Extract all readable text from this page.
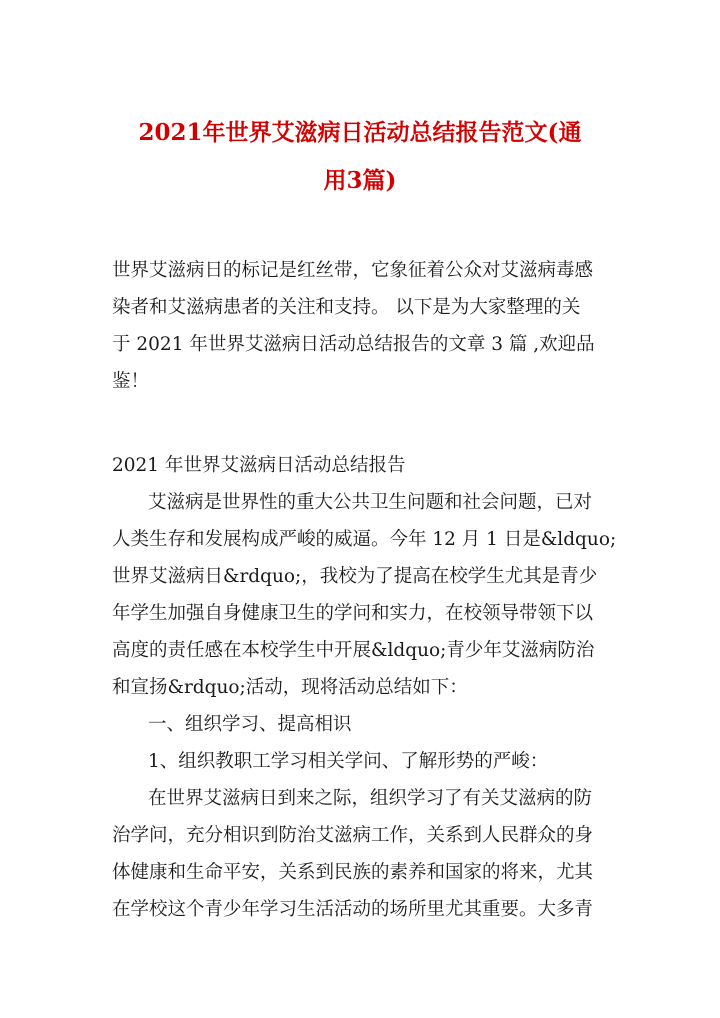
2021年世界艾滋病日活动总结报告范文(通
用3篇)
世界艾滋病日的标记是红丝带，它象征着公众对艾滋病毒感
染者和艾滋病患者的关注和支持。 以下是为大家整理的关
于 2021 年世界艾滋病日活动总结报告的文章 3 篇 ,欢迎品
鉴！
2021 年世界艾滋病日活动总结报告
艾滋病是世界性的重大公共卫生问题和社会问题，已对
人类生存和发展构成严峻的威逼。今年 12 月 1 日是&ldquo;
世界艾滋病日&rdquo;，我校为了提高在校学生尤其是青少
年学生加强自身健康卫生的学问和实力，在校领导带领下以
高度的责任感在本校学生中开展&ldquo;青少年艾滋病防治
和宣扬&rdquo;活动，现将活动总结如下：
一、组织学习、提高相识
1、组织教职工学习相关学问、了解形势的严峻：
在世界艾滋病日到来之际，组织学习了有关艾滋病的防
治学问，充分相识到防治艾滋病工作，关系到人民群众的身
体健康和生命平安，关系到民族的素养和国家的将来，尤其
在学校这个青少年学习生活活动的场所里尤其重要。大多青
